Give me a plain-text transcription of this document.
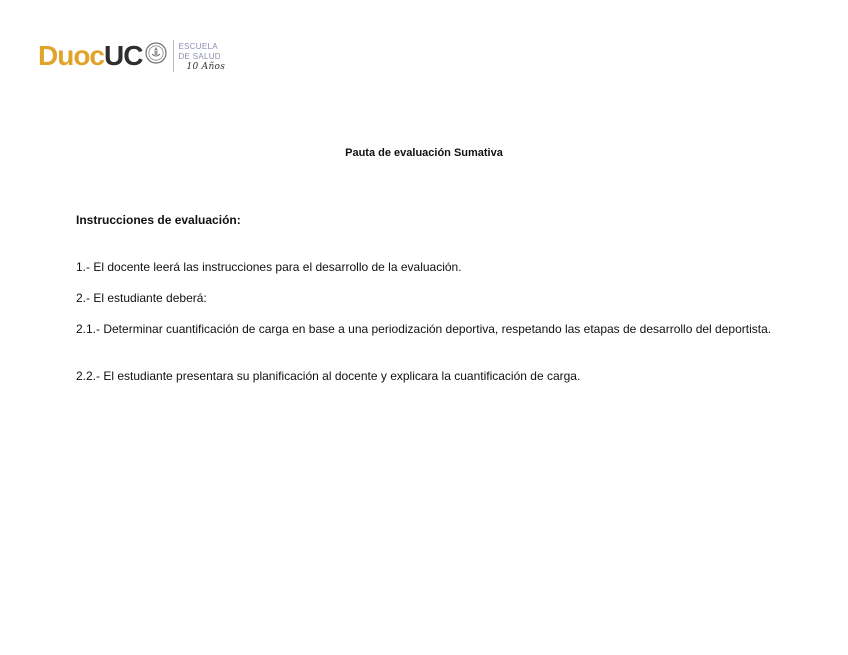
Duoc UC	ESCUELA
DE SALUD
10 Años
Pauta de evaluación Sumativa
Instrucciones de evaluación:

1.- El docente leerá las instrucciones para el desarrollo de la evaluación.

2.- El estudiante deberá:

2.1.- Determinar cuantificación de carga en base a una periodización deportiva, respetando las etapas de desarrollo del deportista.

2.2.- El estudiante presentara su planificación al docente y explicara la cuantificación de carga.
